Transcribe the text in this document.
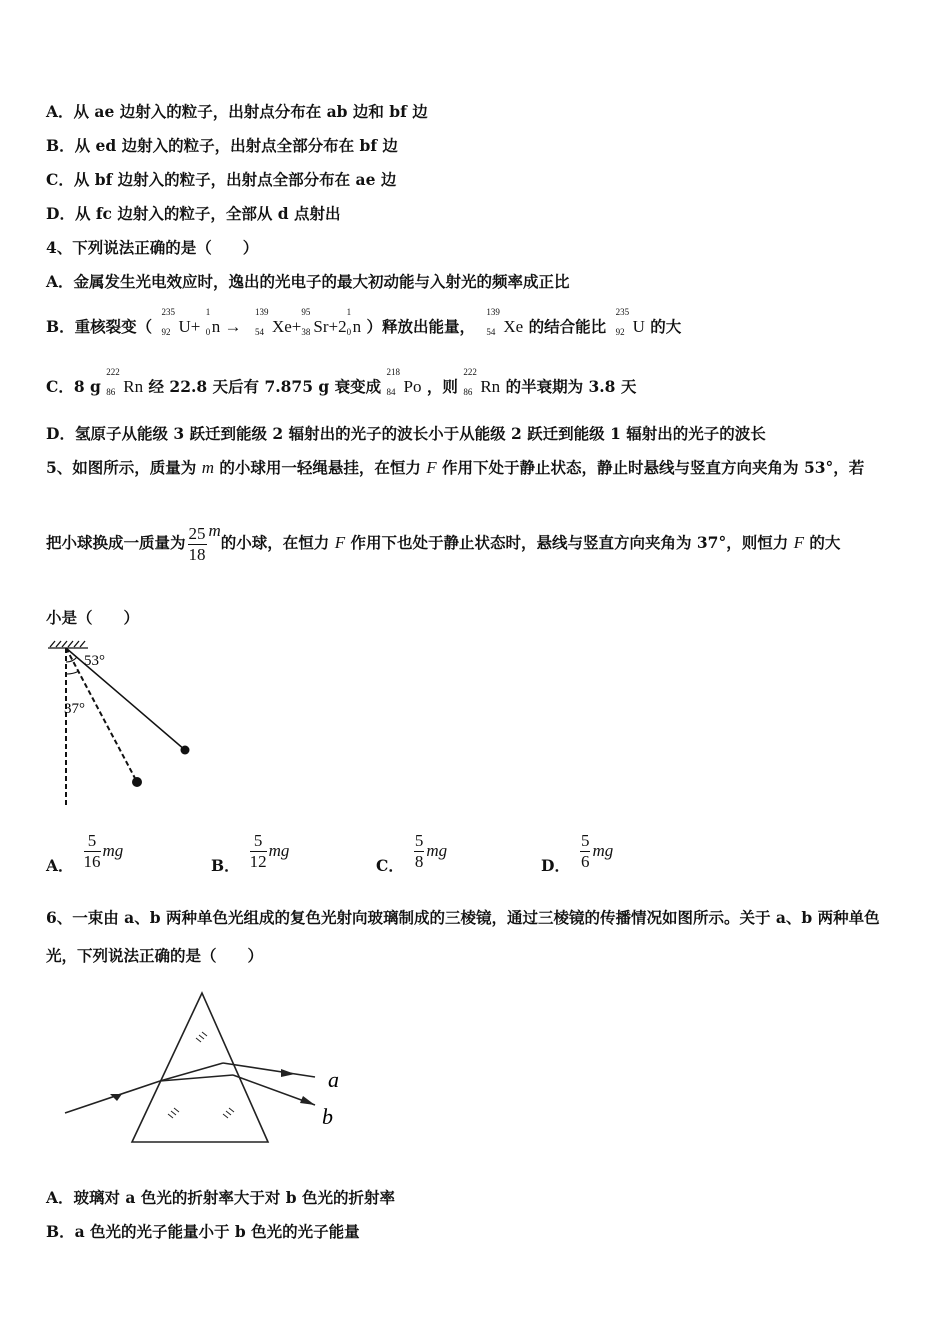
A．从 ae 边射入的粒子，出射点分布在 ab 边和 bf 边
B．从 ed 边射入的粒子，出射点全部分布在 bf 边
C．从 bf 边射入的粒子，出射点全部分布在 ae 边
D．从 fc 边射入的粒子，全部从 d 点射出
4、下列说法正确的是（　　）
A．金属发生光电效应时，逸出的光电子的最大初动能与入射光的频率成正比
B．重核裂变（
235
92 U+
1
0 n →
139
54 Xe+
95
38 Sr+2
1
0 n ）释放出能量，
139
54 Xe 的结合能比
235
92 U 的大
C．8 g
222
86 Rn 经 22.8 天后有 7.875 g 衰变成
218
84 Po ，则
222
86 Rn 的半衰期为 3.8 天
D．氢原子从能级 3 跃迁到能级 2 辐射出的光子的波长小于从能级 2 跃迁到能级 1 辐射出的光子的波长
5、如图所示，质量为 m 的小球用一轻绳悬挂，在恒力 F 作用下处于静止状态，静止时悬线与竖直方向夹角为 53°，若
把小球换成一质量为 $\frac{25}{18}$ m的小球，在恒力 F 作用下也处于静止状态时，悬线与竖直方向夹角为 37°，则恒力 F 的大
小是（　　）
53°
37°
A． $\frac{5}{16}$ mg
B． $\frac{5}{12}$ mg
C． $\frac{5}{8}$ mg
D． $\frac{5}{6}$ mg
6、一束由 a、b 两种单色光组成的复色光射向玻璃制成的三棱镜，通过三棱镜的传播情况如图所示。关于 a、b 两种单色
光，下列说法正确的是（　　）
a
b
A．玻璃对 a 色光的折射率大于对 b 色光的折射率
B．a 色光的光子能量小于 b 色光的光子能量
